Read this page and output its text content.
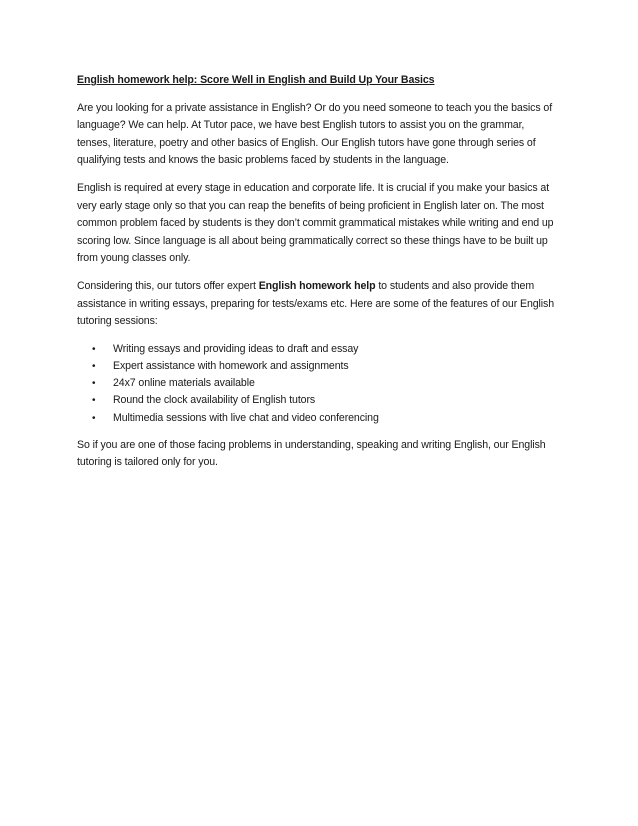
English homework help: Score Well in English and Build Up Your Basics

Are you looking for a private assistance in English? Or do you need someone to teach you the basics of language? We can help. At Tutor pace, we have best English tutors to assist you on the grammar, tenses, literature, poetry and other basics of English. Our English tutors have gone through series of qualifying tests and knows the basic problems faced by students in the language.

English is required at every stage in education and corporate life. It is crucial if you make your basics at very early stage only so that you can reap the benefits of being proficient in English later on. The most common problem faced by students is they don’t commit grammatical mistakes while writing and end up scoring low. Since language is all about being grammatically correct so these things have to be built up from young classes only.

Considering this, our tutors offer expert English homework help to students and also provide them assistance in writing essays, preparing for tests/exams etc. Here are some of the features of our English tutoring sessions:

• Writing essays and providing ideas to draft and essay
• Expert assistance with homework and assignments
• 24x7 online materials available
• Round the clock availability of English tutors
• Multimedia sessions with live chat and video conferencing

So if you are one of those facing problems in understanding, speaking and writing English, our English tutoring is tailored only for you.
